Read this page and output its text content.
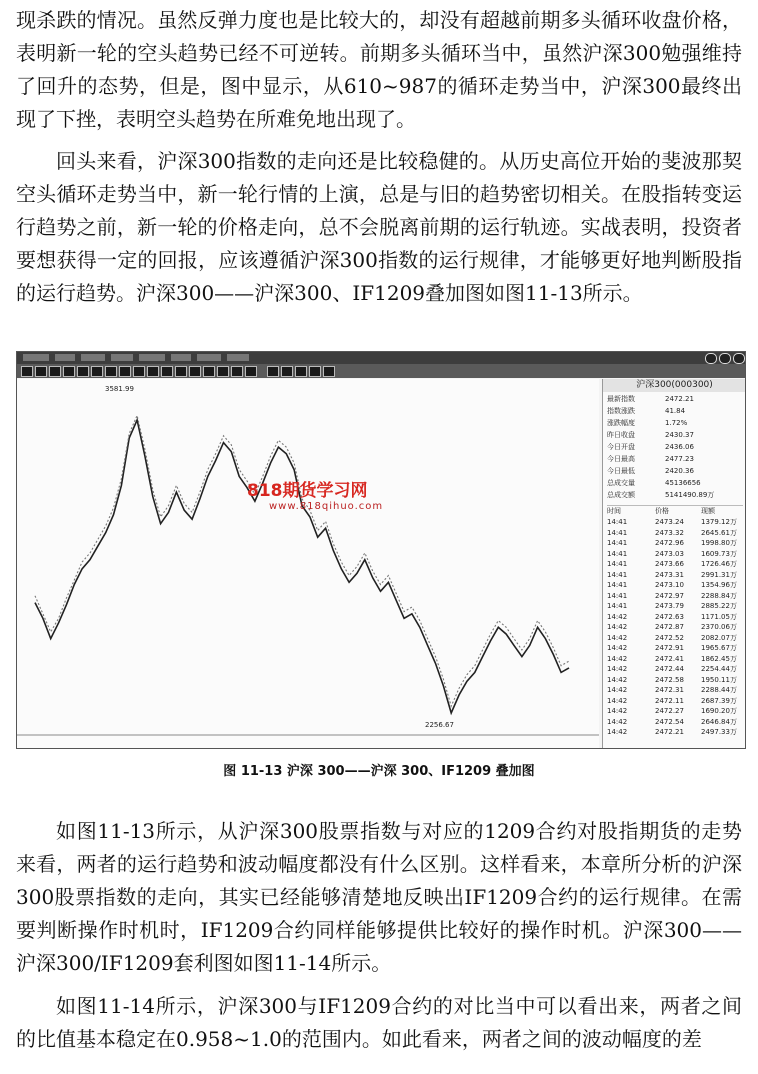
现杀跌的情况。虽然反弹力度也是比较大的，却没有超越前期多头循环收盘价格，表明新一轮的空头趋势已经不可逆转。前期多头循环当中，虽然沪深300勉强维持了回升的态势，但是，图中显示，从610~987的循环走势当中，沪深300最终出现了下挫，表明空头趋势在所难免地出现了。

回头来看，沪深300指数的走向还是比较稳健的。从历史高位开始的斐波那契空头循环走势当中，新一轮行情的上演，总是与旧的趋势密切相关。在股指转变运行趋势之前，新一轮的价格走向，总不会脱离前期的运行轨迹。实战表明，投资者要想获得一定的回报，应该遵循沪深300指数的运行规律，才能够更好地判断股指的运行趋势。沪深300——沪深300、IF1209叠加图如图11-13所示。

3581.99
2256.67
818期货学习网
www.818qihuo.com
沪深300(000300)
最新指数	2472.21
指数涨跌	41.84
涨跌幅度	1.72%
昨日收盘	2430.37
今日开盘	2436.06
今日最高	2477.23
今日最低	2420.36
总成交量	45136656
总成交额	5141490.89万
时间	价格	现额
14:41	2473.24 1379.12万
14:41	2473.32 2645.61万
14:41	2472.96 1998.80万
14:41	2473.03 1609.73万
14:41	2473.66 1726.46万
14:41	2473.31 2991.31万
14:41	2473.10 1354.96万
14:41	2472.97 2288.84万
14:41	2473.79 2885.22万
14:42	2472.63 1171.05万
14:42	2472.87 2370.06万
14:42	2472.52 2082.07万
14:42	2472.91 1965.67万
14:42	2472.41 1862.45万
14:42	2472.44 2254.44万
14:42	2472.58 1950.11万
14:42	2472.31 2288.44万
14:42	2472.11 2687.39万
14:42	2472.27 1690.20万
14:42	2472.54 2646.84万
14:42	2472.21 2497.33万
图 11-13 沪深 300——沪深 300、IF1209 叠加图

如图11-13所示，从沪深300股票指数与对应的1209合约对股指期货的走势来看，两者的运行趋势和波动幅度都没有什么区别。这样看来，本章所分析的沪深300股票指数的走向，其实已经能够清楚地反映出IF1209合约的运行规律。在需要判断操作时机时，IF1209合约同样能够提供比较好的操作时机。沪深300——沪深300/IF1209套利图如图11-14所示。

如图11-14所示，沪深300与IF1209合约的对比当中可以看出来，两者之间的比值基本稳定在0.958~1.0的范围内。如此看来，两者之间的波动幅度的差
